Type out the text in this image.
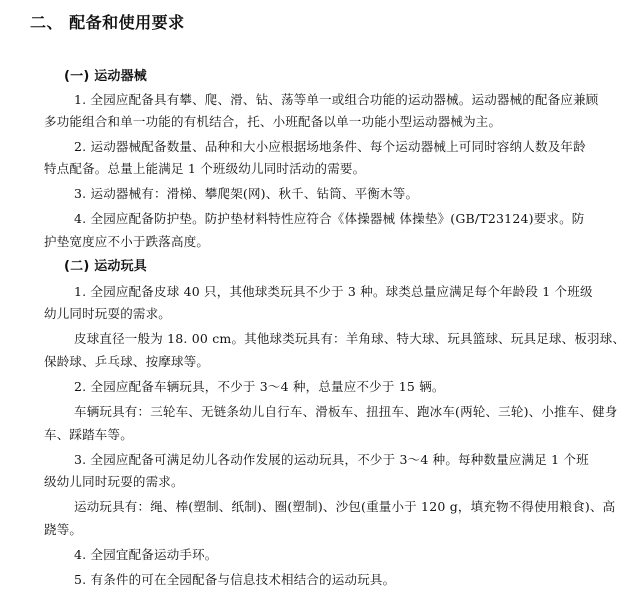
二、 配备和使用要求
(一) 运动器械
1. 全园应配备具有攀、爬、滑、钻、荡等单一或组合功能的运动器械。运动器械的配备应兼顾
多功能组合和单一功能的有机结合，托、小班配备以单一功能小型运动器械为主。
2. 运动器械配备数量、品种和大小应根据场地条件、每个运动器械上可同时容纳人数及年龄
特点配备。总量上能满足 1 个班级幼儿同时活动的需要。
3. 运动器械有：滑梯、攀爬架(网)、秋千、钻筒、平衡木等。
4. 全园应配备防护垫。防护垫材料特性应符合《体操器械 体操垫》(GB/T23124)要求。防
护垫宽度应不小于跌落高度。
(二) 运动玩具
1. 全园应配备皮球 40 只，其他球类玩具不少于 3 种。球类总量应满足每个年龄段 1 个班级
幼儿同时玩耍的需求。
皮球直径一般为 18. 00 cm。其他球类玩具有：羊角球、特大球、玩具篮球、玩具足球、板羽球、
保龄球、乒乓球、按摩球等。
2. 全园应配备车辆玩具，不少于 3～4 种，总量应不少于 15 辆。
车辆玩具有：三轮车、无链条幼儿自行车、滑板车、扭扭车、跑冰车(两轮、三轮)、小推车、健身
车、踩踏车等。
3. 全园应配备可满足幼儿各动作发展的运动玩具，不少于 3～4 种。每种数量应满足 1 个班
级幼儿同时玩耍的需求。
运动玩具有：绳、棒(塑制、纸制)、圈(塑制)、沙包(重量小于 120 g，填充物不得使用粮食)、高
跷等。
4. 全园宜配备运动手环。
5. 有条件的可在全园配备与信息技术相结合的运动玩具。
